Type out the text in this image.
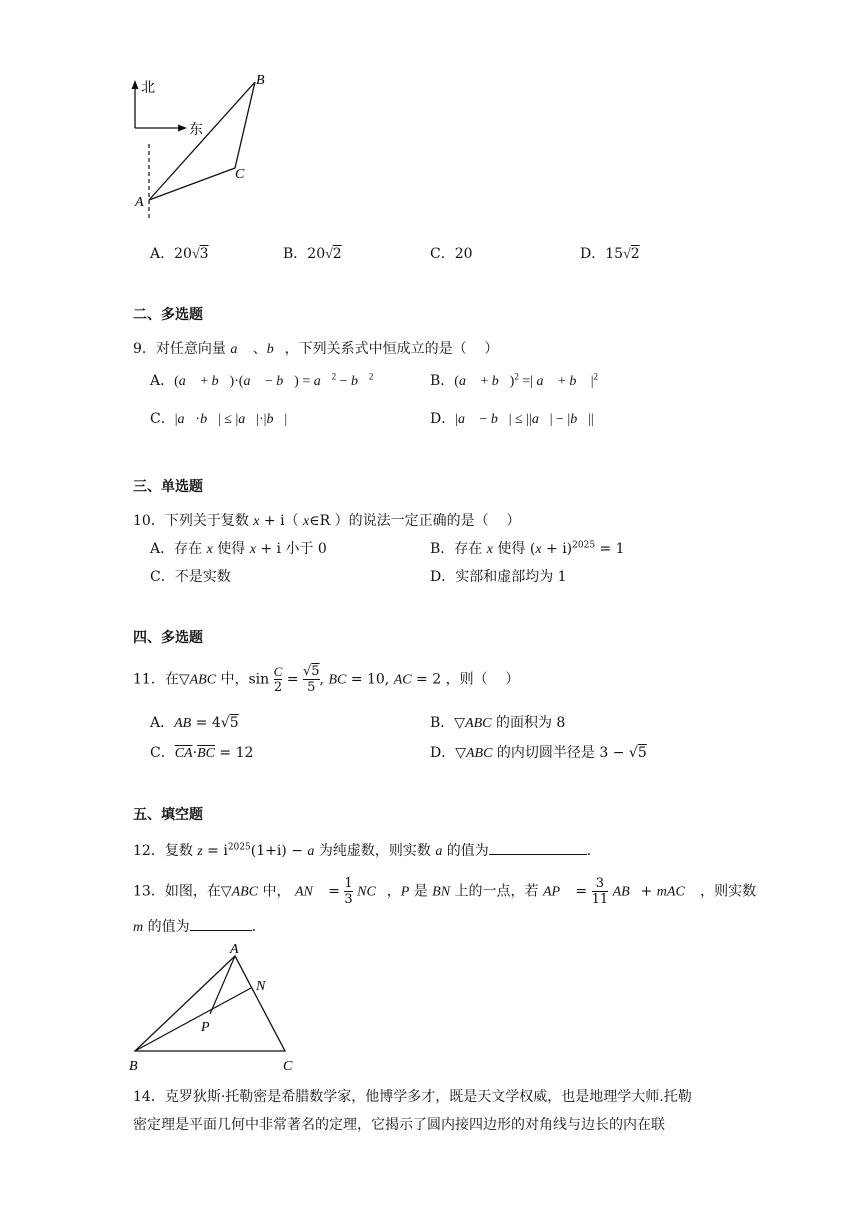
北
东
A
B
C
A．20√3	B．20√2	C．20	D．15√2
二、多选题
9．对任意向量 a⃗ 、b⃗，下列关系式中恒成立的是（    ）
A．(a⃗ + b⃗)·(a⃗ − b⃗) = a⃗$^2$ − b⃗$^2$	B．(a⃗ + b⃗)$^2$ =| a⃗ + b⃗ $|^2$
C．|a⃗·b⃗| ≤ |a⃗|·|b⃗|	D．|a⃗ − b⃗| ≤ ||a⃗| − |b⃗||
三、单选题
10．下列关于复数 x + i（ x∈R ）的说法一定正确的是（    ）
A．存在 x 使得 x + i 小于 0	B．存在 x 使得 $(x + i)^{2025} = 1$
C．不是实数	D．实部和虚部均为 1
四、多选题
11．在▽ABC 中，$\sin \frac{C}{2} = \frac{√5}{5}$ , BC = 10, AC = 2 ，则（    ）
A．AB = 4√5	B．▽ABC 的面积为 8
C．$\overline{CA}\cdot\overline{BC} = 12$	D．▽ABC 的内切圆半径是 3 − √5
五、填空题
12．复数 $z = i^{2025}(1+i) - a$ 为纯虚数，则实数 a 的值为	.
13．如图，在▽ABC 中， AN⃗ = $\frac{1}{3}$ NC⃗，P 是 BN 上的一点，若 AP⃗ = $\frac{3}{11}$ AB⃗+ mAC⃗ ，则实数
m 的值为	.
A
B	C
N
P
14．克罗狄斯·托勒密是希腊数学家，他博学多才，既是天文学权威，也是地理学大师.托勒
密定理是平面几何中非常著名的定理，它揭示了圆内接四边形的对角线与边长的内在联
